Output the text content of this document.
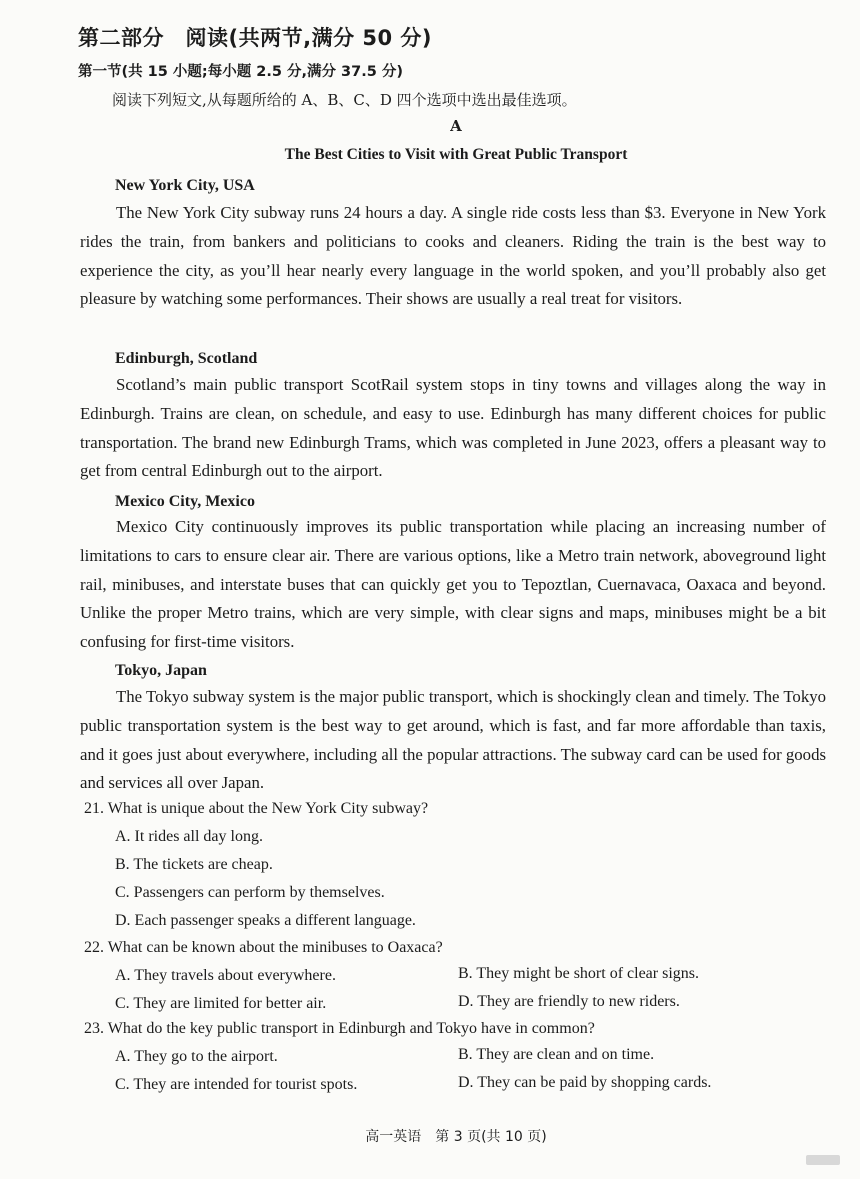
第二部分　阅读(共两节,满分 50 分)
第一节(共 15 小题;每小题 2.5 分,满分 37.5 分)
阅读下列短文,从每题所给的 A、B、C、D 四个选项中选出最佳选项。
A
The Best Cities to Visit with Great Public Transport
New York City, USA
The New York City subway runs 24 hours a day. A single ride costs less than $3. Everyone in New York rides the train, from bankers and politicians to cooks and cleaners. Riding the train is the best way to experience the city, as you’ll hear nearly every language in the world spoken, and you’ll probably also get pleasure by watching some performances. Their shows are usually a real treat for visitors.
Edinburgh, Scotland
Scotland’s main public transport ScotRail system stops in tiny towns and villages along the way in Edinburgh. Trains are clean, on schedule, and easy to use. Edinburgh has many different choices for public transportation. The brand new Edinburgh Trams, which was completed in June 2023, offers a pleasant way to get from central Edinburgh out to the airport.
Mexico City, Mexico
Mexico City continuously improves its public transportation while placing an increasing number of limitations to cars to ensure clear air. There are various options, like a Metro train network, aboveground light rail, minibuses, and interstate buses that can quickly get you to Tepoztlan, Cuernavaca, Oaxaca and beyond. Unlike the proper Metro trains, which are very simple, with clear signs and maps, minibuses might be a bit confusing for first-time visitors.
Tokyo, Japan
The Tokyo subway system is the major public transport, which is shockingly clean and timely. The Tokyo public transportation system is the best way to get around, which is fast, and far more affordable than taxis, and it goes just about everywhere, including all the popular attractions. The subway card can be used for goods and services all over Japan.
21. What is unique about the New York City subway?
A. It rides all day long.
B. The tickets are cheap.
C. Passengers can perform by themselves.
D. Each passenger speaks a different language.
22. What can be known about the minibuses to Oaxaca?
A. They travels about everywhere.	B. They might be short of clear signs.
C. They are limited for better air.	D. They are friendly to new riders.
23. What do the key public transport in Edinburgh and Tokyo have in common?
A. They go to the airport.	B. They are clean and on time.
C. They are intended for tourist spots.	D. They can be paid by shopping cards.
高一英语　第 3 页(共 10 页)
